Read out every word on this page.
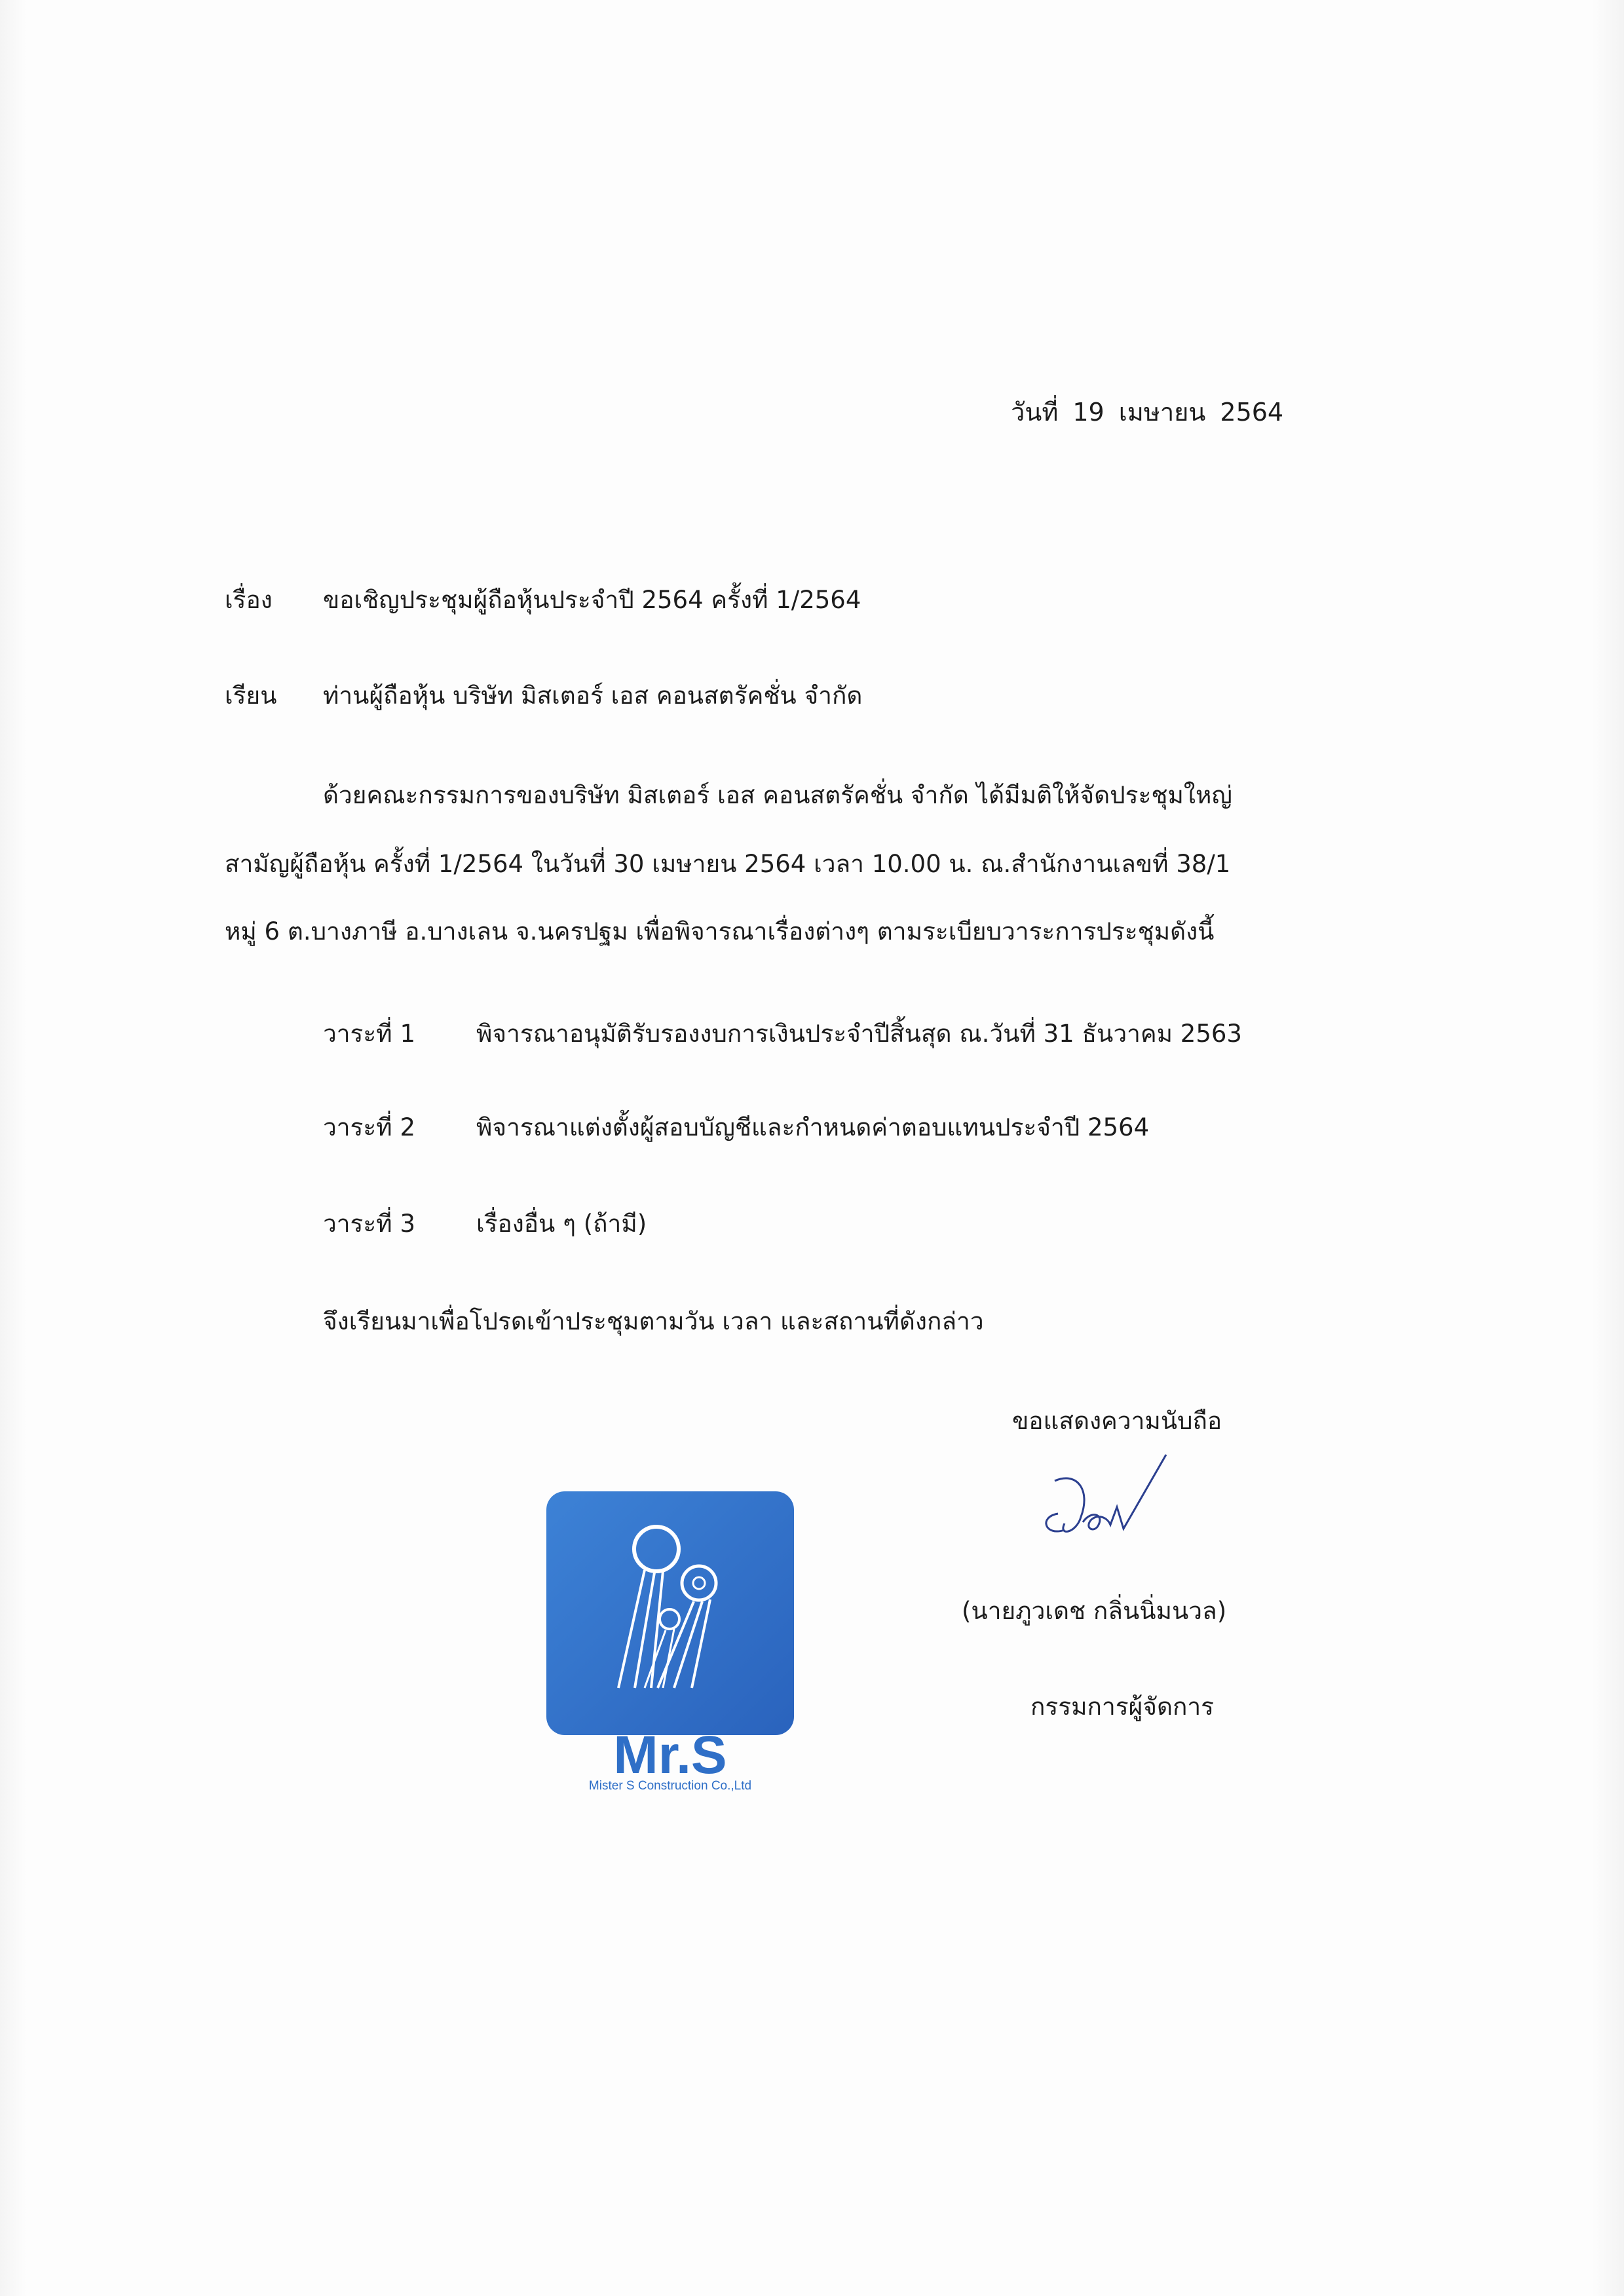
วันที่ 19 เมษายน 2564
เรื่อง ขอเชิญประชุมผู้ถือหุ้นประจำปี 2564 ครั้งที่ 1/2564
เรียน ท่านผู้ถือหุ้น บริษัท มิสเตอร์ เอส คอนสตรัคชั่น จำกัด
ด้วยคณะกรรมการของบริษัท มิสเตอร์ เอส คอนสตรัคชั่น จำกัด ได้มีมติให้จัดประชุมใหญ่
สามัญผู้ถือหุ้น ครั้งที่ 1/2564 ในวันที่ 30 เมษายน 2564 เวลา 10.00 น. ณ.สำนักงานเลขที่ 38/1
หมู่ 6 ต.บางภาษี อ.บางเลน จ.นครปฐม เพื่อพิจารณาเรื่องต่างๆ ตามระเบียบวาระการประชุมดังนี้
วาระที่ 1	พิจารณาอนุมัติรับรองงบการเงินประจำปีสิ้นสุด ณ.วันที่ 31 ธันวาคม 2563
วาระที่ 2	พิจารณาแต่งตั้งผู้สอบบัญชีและกำหนดค่าตอบแทนประจำปี 2564
วาระที่ 3	เรื่องอื่น ๆ (ถ้ามี)
จึงเรียนมาเพื่อโปรดเข้าประชุมตามวัน เวลา และสถานที่ดังกล่าว
ขอแสดงความนับถือ
(นายภูวเดช กลิ่นนิ่มนวล)
กรรมการผู้จัดการ
Mr.S
Mister S Construction Co.,Ltd
